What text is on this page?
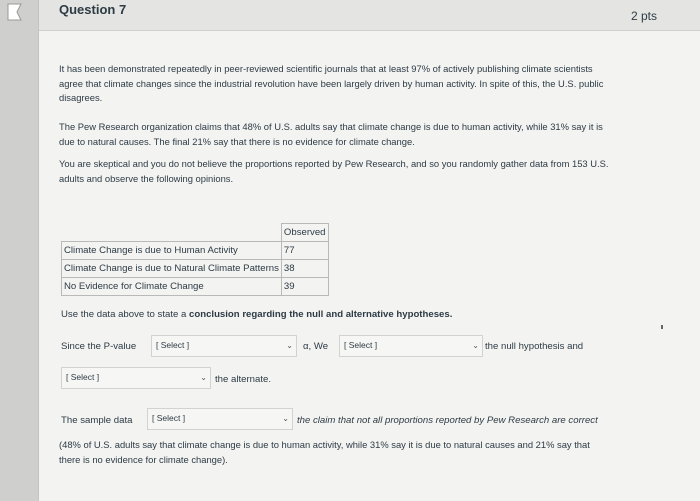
Question 7	2 pts
It has been demonstrated repeatedly in peer-reviewed scientific journals that at least 97% of actively publishing climate scientists agree that climate changes since the industrial revolution have been largely driven by human activity. In spite of this, the U.S. public disagrees.
The Pew Research organization claims that 48% of U.S. adults say that climate change is due to human activity, while 31% say it is due to natural causes. The final 21% say that there is no evidence for climate change.
You are skeptical and you do not believe the proportions reported by Pew Research, and so you randomly gather data from 153 U.S. adults and observe the following opinions.
	Observed
Climate Change is due to Human Activity	77
Climate Change is due to Natural Climate Patterns	38
No Evidence for Climate Change	39
Use the data above to state a conclusion regarding the null and alternative hypotheses.
Since the P-value [ Select ]	⌄ α, We [ Select ]	⌄ the null hypothesis and
[ Select ]	⌄ the alternate.
The sample data [ Select ]	⌄ the claim that not all proportions reported by Pew Research are correct
(48% of U.S. adults say that climate change is due to human activity, while 31% say it is due to natural causes and 21% say that there is no evidence for climate change).
